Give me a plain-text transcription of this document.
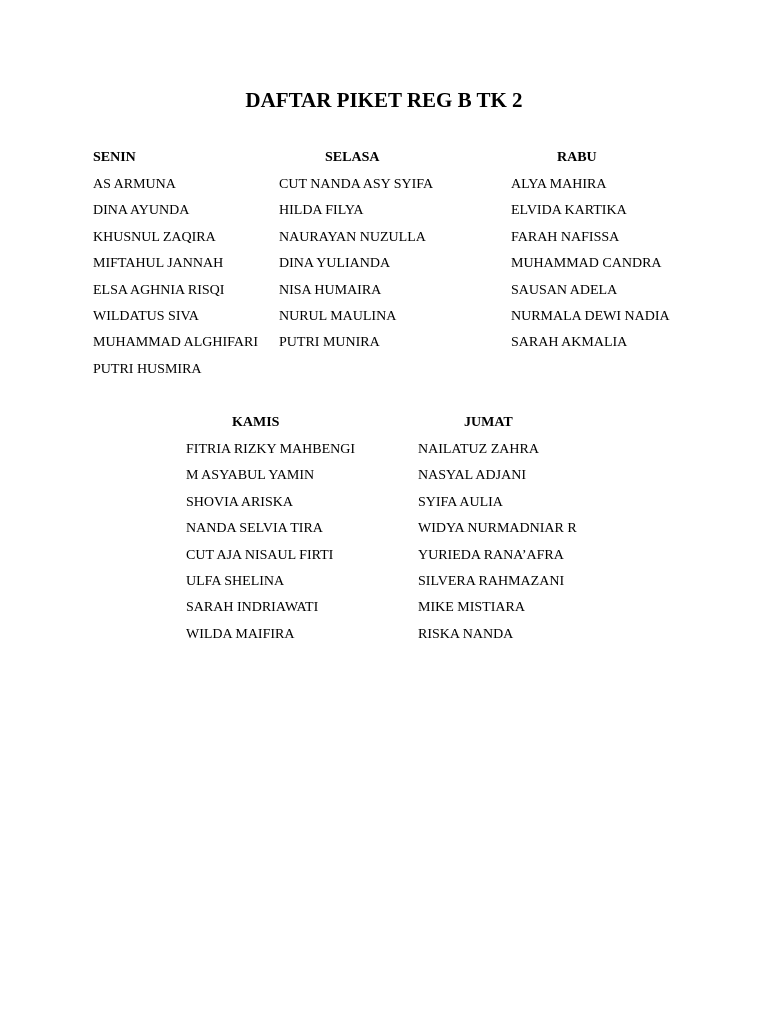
DAFTAR PIKET REG B TK 2
SENIN
AS ARMUNA
DINA AYUNDA
KHUSNUL ZAQIRA
MIFTAHUL JANNAH
ELSA AGHNIA RISQI
WILDATUS SIVA
MUHAMMAD ALGHIFARI
PUTRI HUSMIRA
SELASA
CUT NANDA ASY SYIFA
HILDA FILYA
NAURAYAN NUZULLA
DINA YULIANDA
NISA HUMAIRA
NURUL MAULINA
PUTRI MUNIRA
RABU
ALYA MAHIRA
ELVIDA KARTIKA
FARAH NAFISSA
MUHAMMAD CANDRA
SAUSAN ADELA
NURMALA DEWI NADIA
SARAH AKMALIA
KAMIS
FITRIA RIZKY MAHBENGI
M ASYABUL YAMIN
SHOVIA ARISKA
NANDA SELVIA TIRA
CUT AJA NISAUL FIRTI
ULFA SHELINA
SARAH INDRIAWATI
WILDA MAIFIRA
JUMAT
NAILATUZ ZAHRA
NASYAL ADJANI
SYIFA AULIA
WIDYA NURMADNIAR R
YURIEDA RANA’AFRA
SILVERA RAHMAZANI
MIKE MISTIARA
RISKA NANDA
